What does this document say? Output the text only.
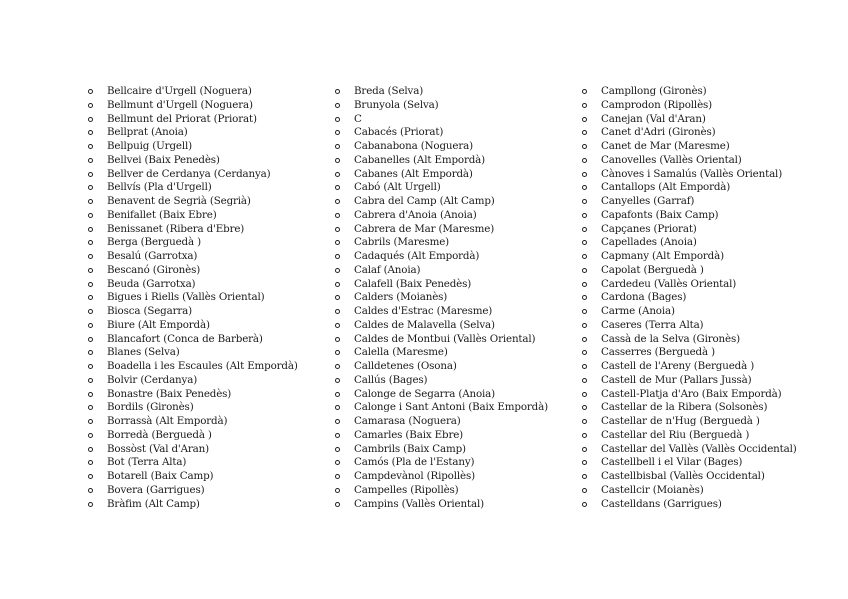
Bellcaire d'Urgell (Noguera)
Bellmunt d'Urgell (Noguera)
Bellmunt del Priorat (Priorat)
Bellprat (Anoia)
Bellpuig (Urgell)
Bellvei (Baix Penedès)
Bellver de Cerdanya (Cerdanya)
Bellvís (Pla d'Urgell)
Benavent de Segrià (Segrià)
Benifallet (Baix Ebre)
Benissanet (Ribera d'Ebre)
Berga (Berguedà )
Besalú (Garrotxa)
Bescanó (Gironès)
Beuda (Garrotxa)
Bigues i Riells (Vallès Oriental)
Biosca (Segarra)
Biure (Alt Empordà)
Blancafort (Conca de Barberà)
Blanes (Selva)
Boadella i les Escaules (Alt Empordà)
Bolvir (Cerdanya)
Bonastre (Baix Penedès)
Bordils (Gironès)
Borrassà (Alt Empordà)
Borredà (Berguedà )
Bossòst (Val d'Aran)
Bot (Terra Alta)
Botarell (Baix Camp)
Bovera (Garrigues)
Bràfim (Alt Camp)
Breda (Selva)
Brunyola (Selva)
C
Cabacés (Priorat)
Cabanabona (Noguera)
Cabanelles (Alt Empordà)
Cabanes (Alt Empordà)
Cabó (Alt Urgell)
Cabra del Camp (Alt Camp)
Cabrera d'Anoia (Anoia)
Cabrera de Mar (Maresme)
Cabrils (Maresme)
Cadaqués (Alt Empordà)
Calaf (Anoia)
Calafell (Baix Penedès)
Calders (Moianès)
Caldes d'Estrac (Maresme)
Caldes de Malavella (Selva)
Caldes de Montbui (Vallès Oriental)
Calella (Maresme)
Calldetenes (Osona)
Callús (Bages)
Calonge de Segarra (Anoia)
Calonge i Sant Antoni (Baix Empordà)
Camarasa (Noguera)
Camarles (Baix Ebre)
Cambrils (Baix Camp)
Camós (Pla de l'Estany)
Campdevànol (Ripollès)
Campelles (Ripollès)
Campins (Vallès Oriental)
Campllong (Gironès)
Camprodon (Ripollès)
Canejan (Val d'Aran)
Canet d'Adri (Gironès)
Canet de Mar (Maresme)
Canovelles (Vallès Oriental)
Cànoves i Samalús (Vallès Oriental)
Cantallops (Alt Empordà)
Canyelles (Garraf)
Capafonts (Baix Camp)
Capçanes (Priorat)
Capellades (Anoia)
Capmany (Alt Empordà)
Capolat (Berguedà )
Cardedeu (Vallès Oriental)
Cardona (Bages)
Carme (Anoia)
Caseres (Terra Alta)
Cassà de la Selva (Gironès)
Casserres (Berguedà )
Castell de l'Areny (Berguedà )
Castell de Mur (Pallars Jussà)
Castell-Platja d'Aro (Baix Empordà)
Castellar de la Ribera (Solsonès)
Castellar de n'Hug (Berguedà )
Castellar del Riu (Berguedà )
Castellar del Vallès (Vallès Occidental)
Castellbell i el Vilar (Bages)
Castellbisbal (Vallès Occidental)
Castellcir (Moianès)
Castelldans (Garrigues)
